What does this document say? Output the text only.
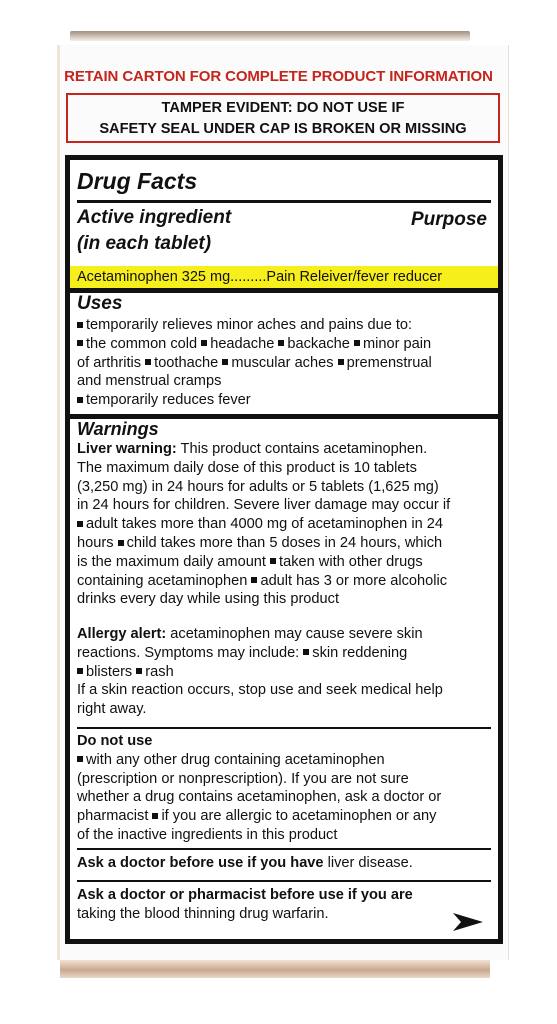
RETAIN CARTON FOR COMPLETE PRODUCT INFORMATION
TAMPER EVIDENT: DO NOT USE IF
SAFETY SEAL UNDER CAP IS BROKEN OR MISSING
Drug Facts
Active ingredient
(in each tablet)
Purpose
Acetaminophen 325 mg.........Pain Releiver/fever reducer
Uses

temporarily relieves minor aches and pains due to:

the common cold headache backache minor pain

of arthritis toothache muscular aches premenstrual

and menstrual cramps

temporarily reduces fever

Warnings

Liver warning: This product contains acetaminophen.

The maximum daily dose of this product is 10 tablets

(3,250 mg) in 24 hours for adults or 5 tablets (1,625 mg)

in 24 hours for children. Severe liver damage may occur if

adult takes more than 4000 mg of acetaminophen in 24

hours child takes more than 5 doses in 24 hours, which

is the maximum daily amount taken with other drugs

containing acetaminophen adult has 3 or more alcoholic

drinks every day while using this product

Allergy alert: acetaminophen may cause severe skin

reactions. Symptoms may include: skin reddening

blisters rash

If a skin reaction occurs, stop use and seek medical help

right away.

Do not use

with any other drug containing acetaminophen

(prescription or nonprescription). If you are not sure

whether a drug contains acetaminophen, ask a doctor or

pharmacist if you are allergic to acetaminophen or any

of the inactive ingredients in this product

Ask a doctor before use if you have liver disease.

Ask a doctor or pharmacist before use if you are

taking the blood thinning drug warfarin.
